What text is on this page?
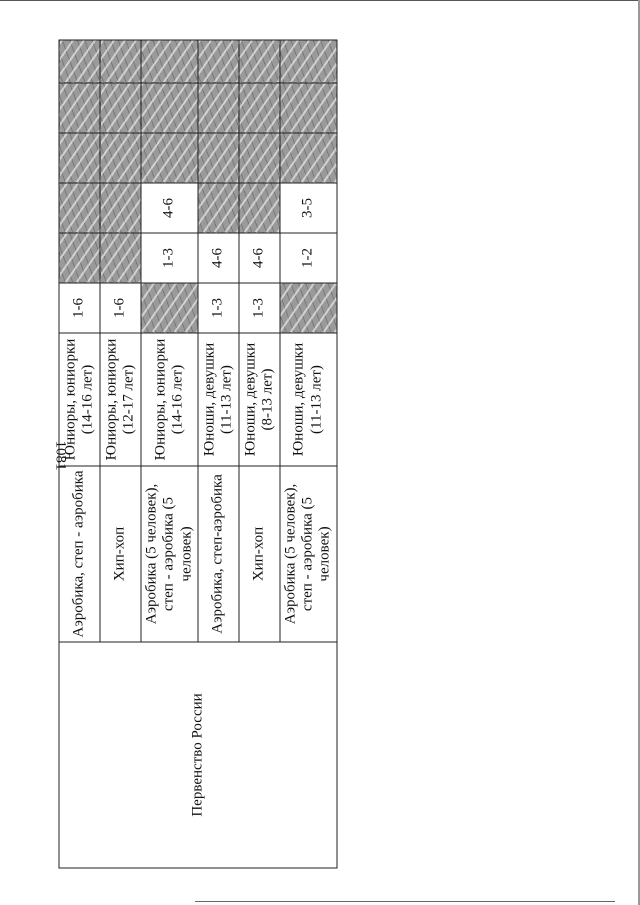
1081
Первенство России	Аэробика, степ - аэробика	Юниоры, юниорки (14-16 лет)	1-6					
	Хип-хоп	Юниоры, юниорки (12-17 лет)	1-6					
	Аэробика (5 человек), степ - аэробика (5 человек)	Юниоры, юниорки (14-16 лет)		1-3	4-6			
	Аэробика, степ-аэробика	Юноши, девушки (11-13 лет)	1-3	4-6				
	Хип-хоп	Юноши, девушки (8-13 лет)	1-3	4-6				
	Аэробика (5 человек), степ - аэробика (5 человек)	Юноши, девушки (11-13 лет)		1-2	3-5			
